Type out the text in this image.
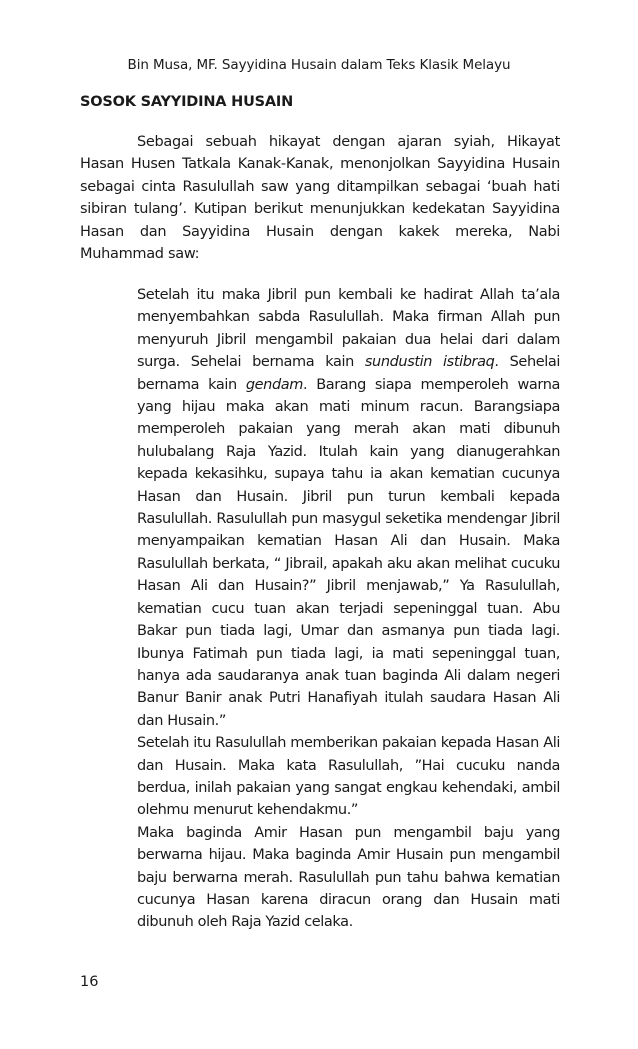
Bin Musa, MF. Sayyidina Husain dalam Teks Klasik Melayu
SOSOK SAYYIDINA HUSAIN

Sebagai sebuah hikayat dengan ajaran syiah, Hikayat Hasan Husen Tatkala Kanak-Kanak, menonjolkan Sayyidina Husain sebagai cinta Rasulullah saw yang ditampilkan sebagai ‘buah hati sibiran tulang’. Kutipan berikut menunjukkan kedekatan Sayyidina Hasan dan Sayyidina Husain dengan kakek mereka, Nabi Muhammad saw:

Setelah itu maka Jibril pun kembali ke hadirat Allah ta’ala menyembahkan sabda Rasulullah. Maka firman Allah pun menyuruh Jibril mengambil pakaian dua helai dari dalam surga. Sehelai bernama kain sundustin istibraq. Sehelai bernama kain gendam. Barang siapa memperoleh warna yang hijau maka akan mati minum racun. Barangsiapa memperoleh pakaian yang merah akan mati dibunuh hulubalang Raja Yazid. Itulah kain yang dianugerahkan kepada kekasihku, supaya tahu ia akan kematian cucunya Hasan dan Husain. Jibril pun turun kembali kepada Rasulullah. Rasulullah pun masygul seketika mendengar Jibril menyampaikan kematian Hasan Ali dan Husain. Maka Rasulullah berkata, “ Jibrail, apakah aku akan melihat cucuku Hasan Ali dan Husain?” Jibril menjawab,” Ya Rasulullah, kematian cucu tuan akan terjadi sepeninggal tuan. Abu Bakar pun tiada lagi, Umar dan asmanya pun tiada lagi. Ibunya Fatimah pun tiada lagi, ia mati sepeninggal tuan, hanya ada saudaranya anak tuan baginda Ali dalam negeri Banur Banir anak Putri Hanafiyah itulah saudara Hasan Ali dan Husain.”

Setelah itu Rasulullah memberikan pakaian kepada Hasan Ali dan Husain. Maka kata Rasulullah, ”Hai cucuku nanda berdua, inilah pakaian yang sangat engkau kehendaki, ambil olehmu menurut kehendakmu.”

Maka baginda Amir Hasan pun mengambil baju yang berwarna hijau. Maka baginda Amir Husain pun mengambil baju berwarna merah. Rasulullah pun tahu bahwa kematian cucunya Hasan karena diracun orang dan Husain mati dibunuh oleh Raja Yazid celaka.

16
